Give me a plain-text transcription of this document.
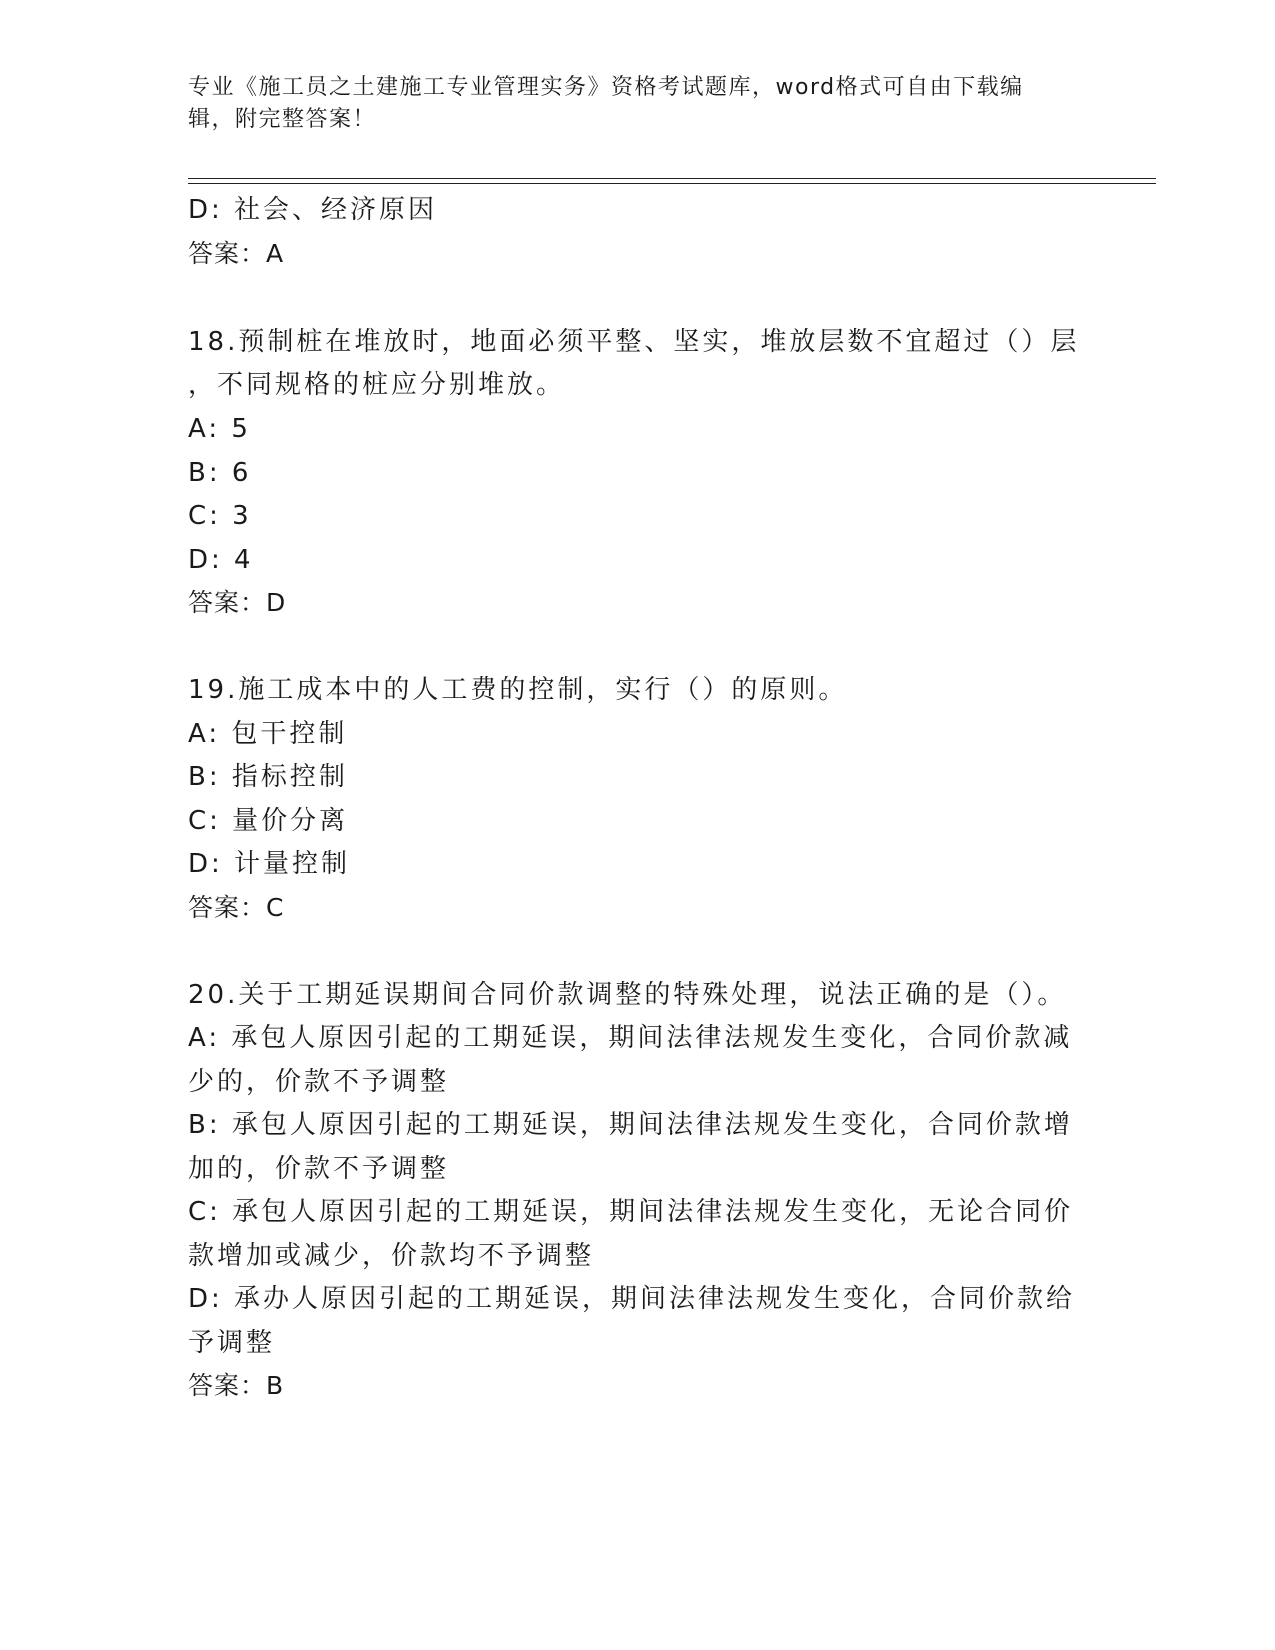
专业《施工员之土建施工专业管理实务》资格考试题库，word格式可自由下载编
辑，附完整答案！
D: 社会、经济原因
答案：A
18.预制桩在堆放时，地面必须平整、坚实，堆放层数不宜超过（）层
，不同规格的桩应分别堆放。
A: 5
B: 6
C: 3
D: 4
答案：D
19.施工成本中的人工费的控制，实行（）的原则。
A: 包干控制
B: 指标控制
C: 量价分离
D: 计量控制
答案：C
20.关于工期延误期间合同价款调整的特殊处理，说法正确的是（）。
A: 承包人原因引起的工期延误，期间法律法规发生变化，合同价款减
少的，价款不予调整
B: 承包人原因引起的工期延误，期间法律法规发生变化，合同价款增
加的，价款不予调整
C: 承包人原因引起的工期延误，期间法律法规发生变化，无论合同价
款增加或减少，价款均不予调整
D: 承办人原因引起的工期延误，期间法律法规发生变化，合同价款给
予调整
答案：B
